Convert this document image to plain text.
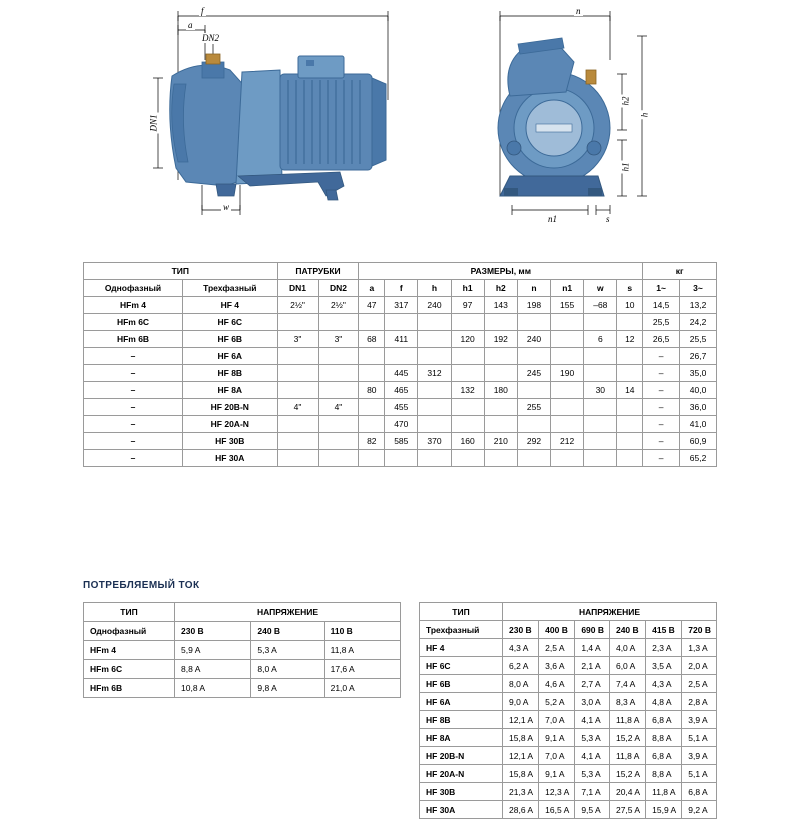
f
a
DN2
DN1
w
n
h2
h
h1
n1	s
ТИП		ПАТРУБКИ		РАЗМЕРЫ, мм									кг	
Однофазный	Трехфазный	DN1	DN2	a	f	h	h1	h2	n	n1	w	s	1~	3~
HFm 4	HF 4	2½"	2½"	47	317	240	97	143	198	155	–68	10	14,5	13,2
HFm 6C	HF 6C												25,5	24,2
HFm 6B	HF 6B	3"	3"	68	411		120	192	240		6	12	26,5	25,5
–	HF 6A												–	26,7
–	HF 8B				445	312			245	190			–	35,0
–	HF 8A			80	465		132	180			30	14	–	40,0
–	HF 20B-N	4"	4"		455				255				–	36,0
–	HF 20A-N				470								–	41,0
–	HF 30B			82	585	370	160	210	292	212			–	60,9
–	HF 30A												–	65,2
ПОТРЕБЛЯЕМЫЙ ТОК
ТИП	НАПРЯЖЕНИЕ		
Однофазный	230 В	240 В	110 В
HFm 4	5,9 A	5,3 A	11,8 A
HFm 6C	8,8 A	8,0 A	17,6 A
HFm 6B	10,8 A	9,8 A	21,0 A
ТИП	НАПРЯЖЕНИЕ					
Трехфазный	230 В	400 В	690 В	240 В	415 В	720 В
HF 4	4,3 A	2,5 A	1,4 A	4,0 A	2,3 A	1,3 A
HF 6C	6,2 A	3,6 A	2,1 A	6,0 A	3,5 A	2,0 A
HF 6B	8,0 A	4,6 A	2,7 A	7,4 A	4,3 A	2,5 A
HF 6A	9,0 A	5,2 A	3,0 A	8,3 A	4,8 A	2,8 A
HF 8B	12,1 A	7,0 A	4,1 A	11,8 A	6,8 A	3,9 A
HF 8A	15,8 A	9,1 A	5,3 A	15,2 A	8,8 A	5,1 A
HF 20B-N	12,1 A	7,0 A	4,1 A	11,8 A	6,8 A	3,9 A
HF 20A-N	15,8 A	9,1 A	5,3 A	15,2 A	8,8 A	5,1 A
HF 30B	21,3 A	12,3 A	7,1 A	20,4 A	11,8 A	6,8 A
HF 30A	28,6 A	16,5 A	9,5 A	27,5 A	15,9 A	9,2 A
